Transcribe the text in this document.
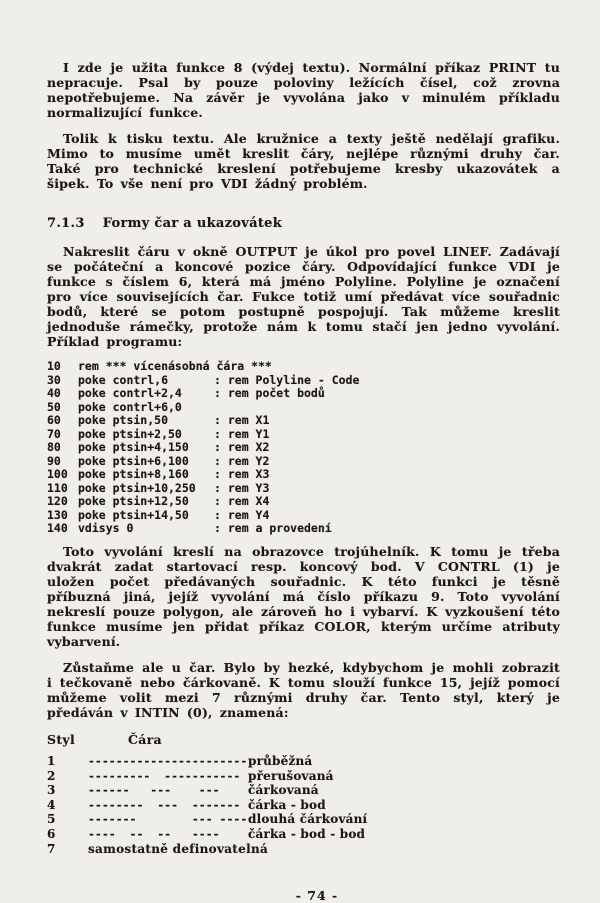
I zde je užita funkce 8 (výdej textu). Normální příkaz PRINT tu nepracuje. Psal by pouze poloviny ležících čísel, což zrovna nepotřebujeme. Na závěr je vyvolána jako v minulém příkladu normalizující funkce.

Tolik k tisku textu. Ale kružnice a texty ještě nedělají grafiku. Mimo to musíme umět kreslit čáry, nejlépe různými druhy čar. Také pro technické kreslení potřebujeme kresby ukazovátek a šipek. To vše není pro VDI žádný problém.

7.1.3 Formy čar a ukazovátek

Nakreslit čáru v okně OUTPUT je úkol pro povel LINEF. Zadávají se počáteční a koncové pozice čáry. Odpovídající funkce VDI je funkce s číslem 6, která má jméno Polyline. Polyline je označení pro více souvisejících čar. Fukce totiž umí předávat více souřadnic bodů, které se potom postupně pospojují. Tak můžeme kreslit jednoduše rámečky, protože nám k tomu stačí jen jedno vyvolání. Příklad programu:

10	rem *** vícenásobná čára ***
30	poke contrl,6	: rem Polyline - Code
40	poke contrl+2,4	: rem počet bodů
50	poke contrl+6,0
60	poke ptsin,50	: rem X1
70	poke ptsin+2,50	: rem Y1
80	poke ptsin+4,150	: rem X2
90	poke ptsin+6,100	: rem Y2
100 poke ptsin+8,160	: rem X3
110 poke ptsin+10,250	: rem Y3
120 poke ptsin+12,50	: rem X4
130 poke ptsin+14,50	: rem Y4
140 vdisys 0	: rem a provedení

Toto vyvolání kreslí na obrazovce trojúhelník. K tomu je třeba dvakrát zadat startovací resp. koncový bod. V CONTRL (1) je uložen počet předávaných souřadnic. K této funkci je těsně příbuzná jiná, jejíž vyvolání má číslo příkazu 9. Toto vyvolání nekreslí pouze polygon, ale zároveň ho i vybarví. K vyzkoušení této funkce musíme jen přidat příkaz COLOR, kterým určíme atributy vybarvení.

Zůstaňme ale u čar. Bylo by hezké, kdybychom je mohli zobrazit i tečkovaně nebo čárkovaně. K tomu slouží funkce 15, jejíž pomocí můžeme volit mezi 7 různými druhy čar. Tento styl, který je předáván v INTIN (0), znamená:

Styl	Čára
1	----------------------- průběžná
2	---------  ----------- přerušovaná
3	------   ---    ---	čárkovaná
4	--------  ---  ------- čárka - bod
5	-------        --- ---- dlouhá čárkování
6	----  --  --   ----	čárka - bod - bod
7	samostatně definovatelná
- 74 -
